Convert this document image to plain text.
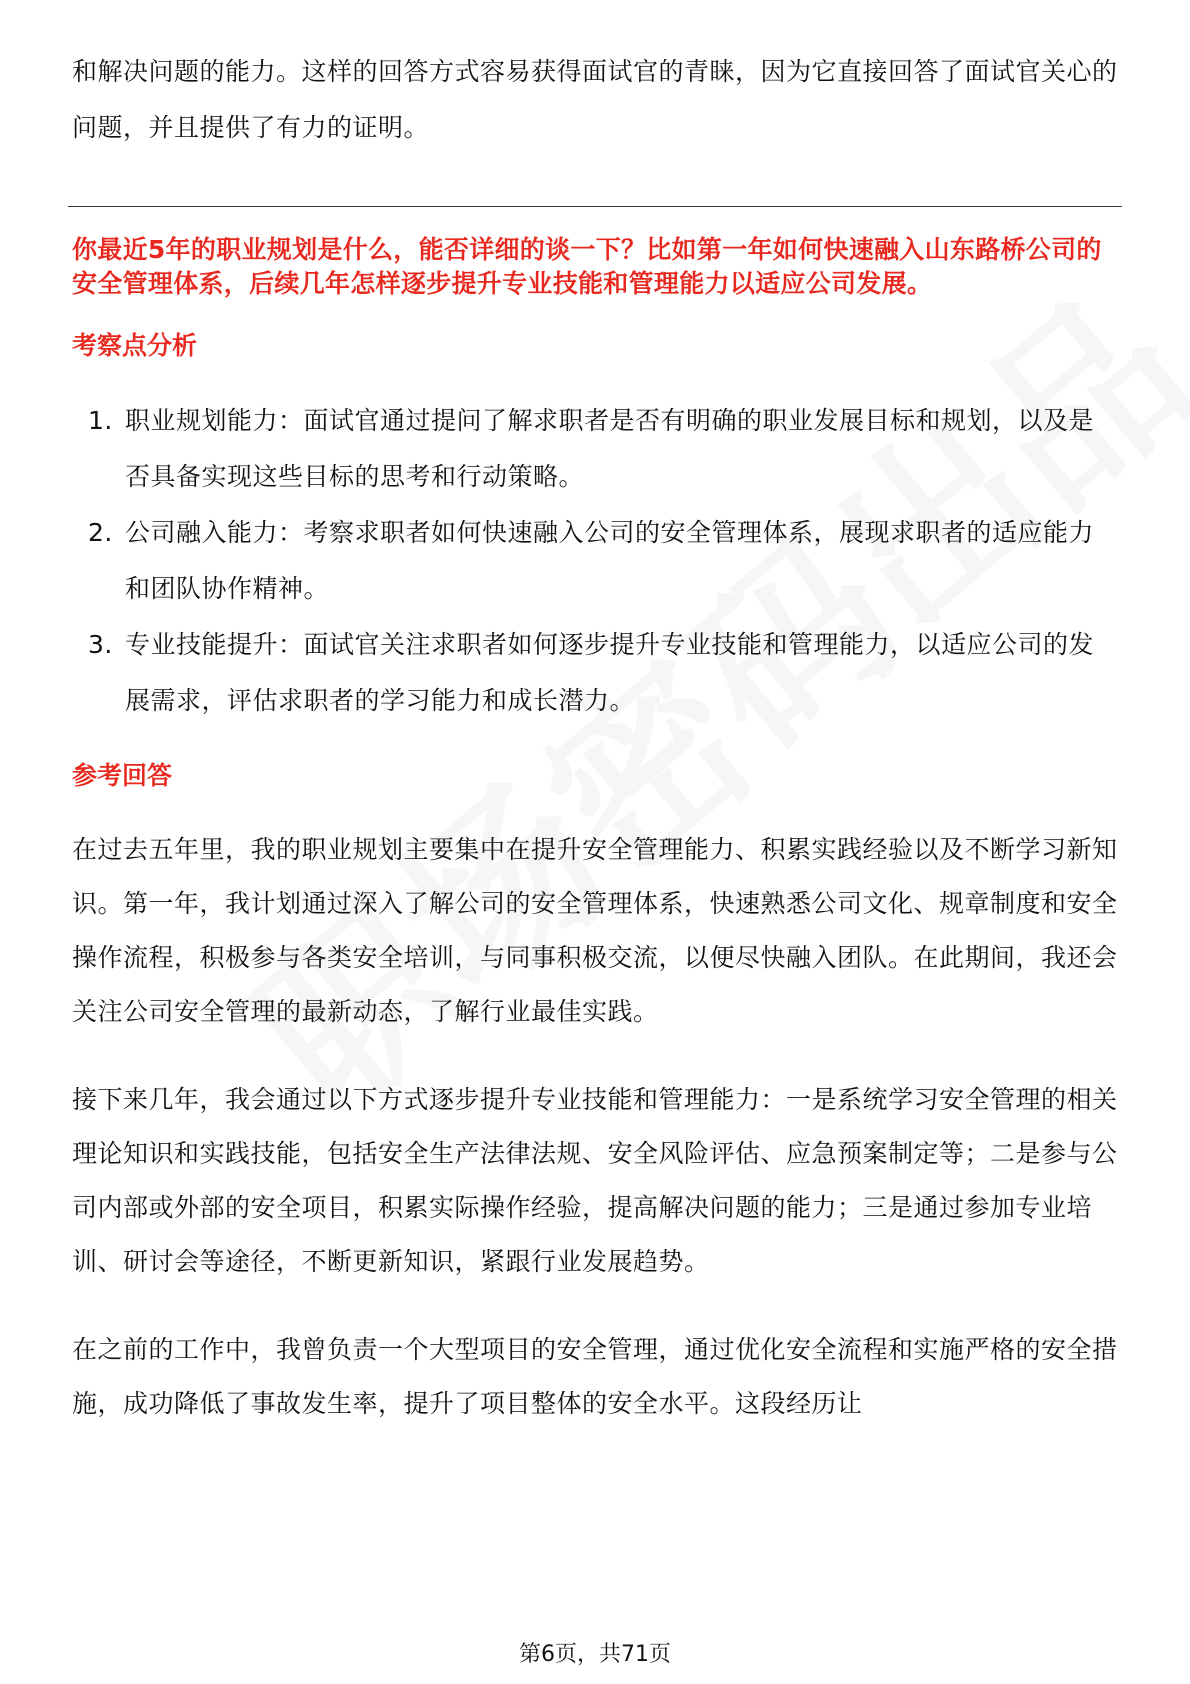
和解决问题的能力。这样的回答方式容易获得面试官的青睐，因为它直接回答了面试官关心的问题，并且提供了有力的证明。

你最近5年的职业规划是什么，能否详细的谈一下？比如第一年如何快速融入山东路桥公司的安全管理体系，后续几年怎样逐步提升专业技能和管理能力以适应公司发展。

考察点分析
1. 职业规划能力：面试官通过提问了解求职者是否有明确的职业发展目标和规划，以及是否具备实现这些目标的思考和行动策略。
2. 公司融入能力：考察求职者如何快速融入公司的安全管理体系，展现求职者的适应能力和团队协作精神。
3. 专业技能提升：面试官关注求职者如何逐步提升专业技能和管理能力，以适应公司的发展需求，评估求职者的学习能力和成长潜力。
参考回答

在过去五年里，我的职业规划主要集中在提升安全管理能力、积累实践经验以及不断学习新知识。第一年，我计划通过深入了解公司的安全管理体系，快速熟悉公司文化、规章制度和安全操作流程，积极参与各类安全培训，与同事积极交流，以便尽快融入团队。在此期间，我还会关注公司安全管理的最新动态，了解行业最佳实践。

接下来几年，我会通过以下方式逐步提升专业技能和管理能力：一是系统学习安全管理的相关理论知识和实践技能，包括安全生产法律法规、安全风险评估、应急预案制定等；二是参与公司内部或外部的安全项目，积累实际操作经验，提高解决问题的能力；三是通过参加专业培训、研讨会等途径，不断更新知识，紧跟行业发展趋势。

在之前的工作中，我曾负责一个大型项目的安全管理，通过优化安全流程和实施严格的安全措施，成功降低了事故发生率，提升了项目整体的安全水平。这段经历让

第6页，共71页
